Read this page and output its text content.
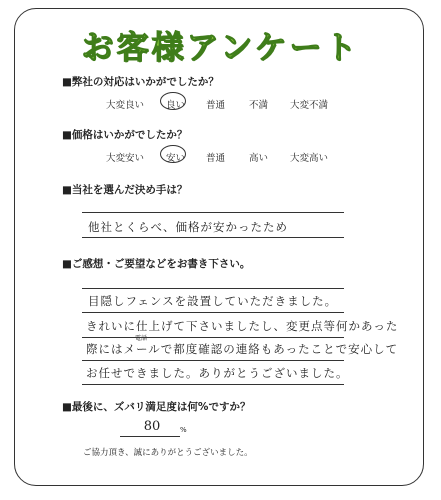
お客様アンケート
■弊社の対応はいかがでしたか？
大変良い 良い 普通	不満 大変不満
■価格はいかがでしたか？
大変安い 安い 普通	高い 大変高い
■当社を選んだ決め手は？
他社とくらべ、価格が安かったため
■ご感想・ご要望などをお書き下さい。
目隠しフェンスを設置していただきました。
きれいに仕上げて下さいましたし、変更点等何かあった
電話
際にはメールで都度確認の連絡もあったことで安心して
お任せできました。ありがとうございました。
■最後に、ズバリ満足度は何%ですか？
80	%
ご協力頂き、誠にありがとうございました。
